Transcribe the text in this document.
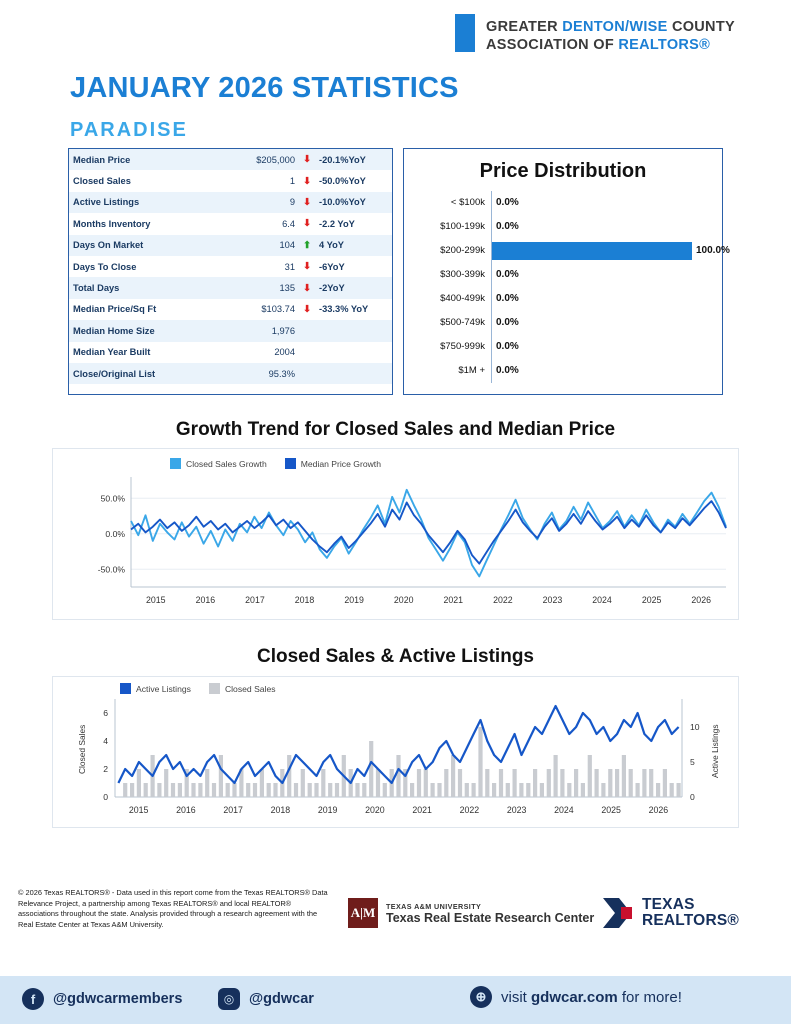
GREATER DENTON/WISE COUNTY
ASSOCIATION OF REALTORS®
JANUARY 2026 STATISTICS
PARADISE
Median Price	$205,000	⬇	-20.1%YoY
Closed Sales	1	⬇	-50.0%YoY
Active Listings	9	⬇	-10.0%YoY
Months Inventory	6.4	⬇	-2.2 YoY
Days On Market	104	⬆	4 YoY
Days To Close	31	⬇	-6YoY
Total Days	135	⬇	-2YoY
Median Price/Sq Ft	$103.74	⬇	-33.3% YoY
Median Home Size	1,976		
Median Year Built	2004		
Close/Original List	95.3%		
Price Distribution
< $100k	0.0%
$100-199k	0.0%
$200-299k	100.0%
$300-399k	0.0%
$400-499k	0.0%
$500-749k	0.0%
$750-999k	0.0%
$1M +	0.0%
Growth Trend for Closed Sales and Median Price
50.0%
0.0%
-50.0%
2015	2016	2017	2018	2019	2020	2021	2022	2023	2024	2025	2026
Closed Sales Growth	Median Price Growth
Closed Sales & Active Listings
0
2
4
6
0
5
10
Closed Sales	Active Listings
2015	2016	2017	2018	2019	2020	2021	2022	2023	2024	2025	2026
Active Listings	Closed Sales
© 2026 Texas REALTORS® - Data used in this report come from the Texas REALTORS® Data Relevance Project, a partnership among Texas REALTORS® and local REALTOR® associations throughout the state. Analysis provided through a research agreement with the Real Estate Center at Texas A&M University.
A|M	TEXAS A&M UNIVERSITY
Texas Real Estate Research Center
TEXAS
REALTORS®
f	@gdwcarmembers	◎	@gdwcar	⊕ visit gdwcar.com for more!
